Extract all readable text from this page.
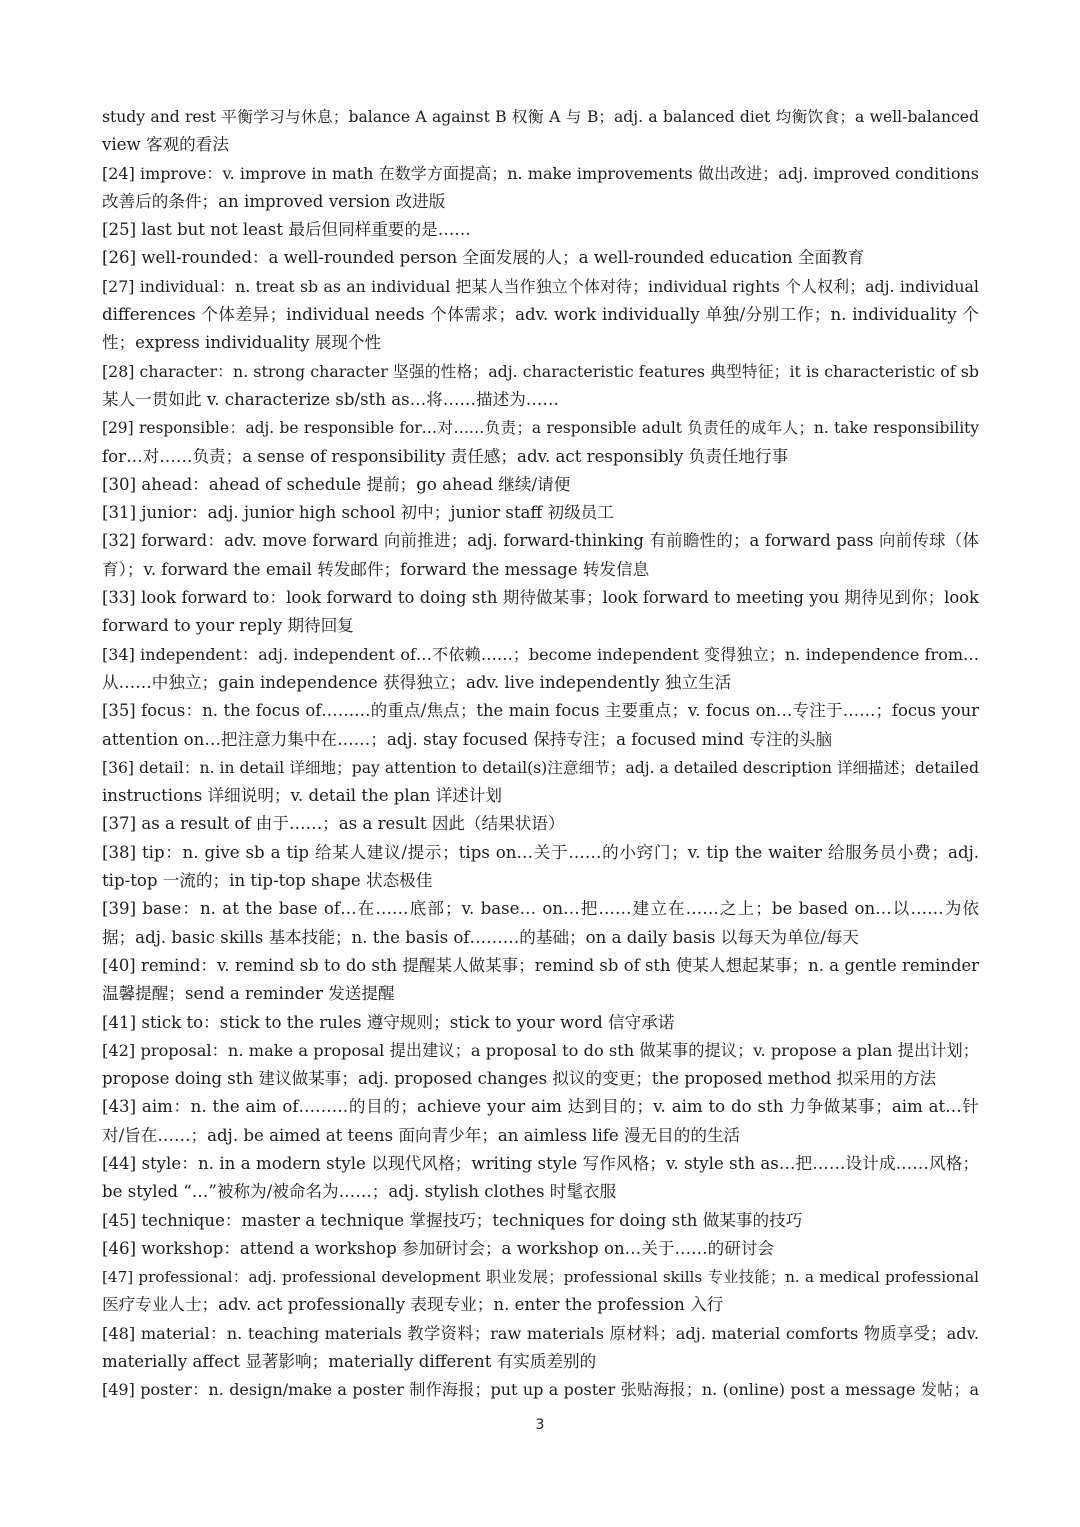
study and rest 平衡学习与休息；balance A against B 权衡 A 与 B；adj. a balanced diet 均衡饮食；a well-balanced
view 客观的看法
[24] improve：v. improve in math 在数学方面提高；n. make improvements 做出改进；adj. improved conditions
改善后的条件；an improved version 改进版
[25] last but not least 最后但同样重要的是……
[26] well-rounded：a well-rounded person 全面发展的人；a well-rounded education 全面教育
[27] individual：n. treat sb as an individual 把某人当作独立个体对待；individual rights 个人权利；adj. individual
differences 个体差异；individual needs 个体需求；adv. work individually 单独/分别工作；n. individuality 个
性；express individuality 展现个性
[28] character：n. strong character 坚强的性格；adj. characteristic features 典型特征；it is characteristic of sb
某人一贯如此 v. characterize sb/sth as…将……描述为……
[29] responsible：adj. be responsible for…对……负责；a responsible adult 负责任的成年人；n. take responsibility
for…对……负责；a sense of responsibility 责任感；adv. act responsibly 负责任地行事
[30] ahead：ahead of schedule 提前；go ahead 继续/请便
[31] junior：adj. junior high school 初中；junior staff 初级员工
[32] forward：adv. move forward 向前推进；adj. forward-thinking 有前瞻性的；a forward pass 向前传球（体
育）；v. forward the email 转发邮件；forward the message 转发信息
[33] look forward to：look forward to doing sth 期待做某事；look forward to meeting you 期待见到你；look
forward to your reply 期待回复
[34] independent：adj. independent of…不依赖……；become independent 变得独立；n. independence from…
从……中独立；gain independence 获得独立；adv. live independently 独立生活
[35] focus：n. the focus of………的重点/焦点；the main focus 主要重点；v. focus on…专注于……；focus your
attention on…把注意力集中在……；adj. stay focused 保持专注；a focused mind 专注的头脑
[36] detail：n. in detail 详细地；pay attention to detail(s)注意细节；adj. a detailed description 详细描述；detailed
instructions 详细说明；v. detail the plan 详述计划
[37] as a result of 由于……；as a result 因此（结果状语）
[38] tip：n. give sb a tip 给某人建议/提示；tips on…关于……的小窍门；v. tip the waiter 给服务员小费；adj.
tip-top 一流的；in tip-top shape 状态极佳
[39] base：n. at the base of…在……底部；v. base… on…把……建立在……之上；be based on…以……为依
据；adj. basic skills 基本技能；n. the basis of………的基础；on a daily basis 以每天为单位/每天
[40] remind：v. remind sb to do sth 提醒某人做某事；remind sb of sth 使某人想起某事；n. a gentle reminder
温馨提醒；send a reminder 发送提醒
[41] stick to：stick to the rules 遵守规则；stick to your word 信守承诺
[42] proposal：n. make a proposal 提出建议；a proposal to do sth 做某事的提议；v. propose a plan 提出计划；
propose doing sth 建议做某事；adj. proposed changes 拟议的变更；the proposed method 拟采用的方法
[43] aim：n. the aim of………的目的；achieve your aim 达到目的；v. aim to do sth 力争做某事；aim at…针
对/旨在……；adj. be aimed at teens 面向青少年；an aimless life 漫无目的的生活
[44] style：n. in a modern style 以现代风格；writing style 写作风格；v. style sth as…把……设计成……风格；
be styled “…”被称为/被命名为……；adj. stylish clothes 时髦衣服
[45] technique：master a technique 掌握技巧；techniques for doing sth 做某事的技巧
[46] workshop：attend a workshop 参加研讨会；a workshop on…关于……的研讨会
[47] professional：adj. professional development 职业发展；professional skills 专业技能；n. a medical professional
医疗专业人士；adv. act professionally 表现专业；n. enter the profession 入行
[48] material：n. teaching materials 教学资料；raw materials 原材料；adj. material comforts 物质享受；adv.
materially affect 显著影响；materially different 有实质差别的
[49] poster：n. design/make a poster 制作海报；put up a poster 张贴海报；n. (online) post a message 发帖；a
3
